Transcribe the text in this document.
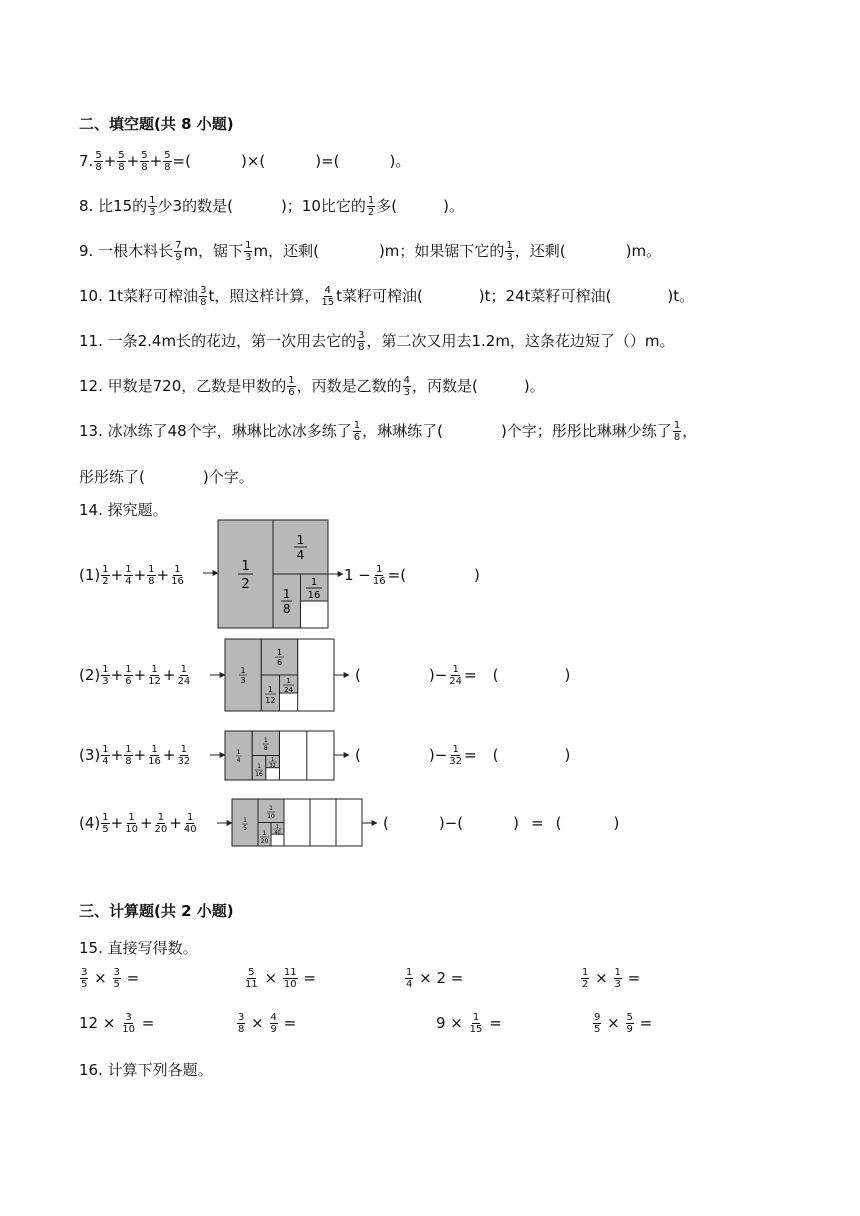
二、填空题(共 8 小题)
7. $\frac{5}{8} + \frac{5}{8} + \frac{5}{8} + \frac{5}{8}$ =(	)×(	)=(	)。
8. 比15的 $\frac{1}{3}$ 少3的数是(	)；10比它的 $\frac{1}{2}$ 多(	)。
9. 一根木料长 $\frac{7}{9}$ m，锯下 $\frac{1}{3}$ m，还剩(	)m；如果锯下它的 $\frac{1}{3}$ ，还剩(	)m。
10. 1t菜籽可榨油 $\frac{3}{8}$ t，照这样计算， $\frac{4}{15}$ t菜籽可榨油(	)t；24t菜籽可榨油(	)t。
11. 一条2.4m长的花边，第一次用去它的 $\frac{3}{8}$ ，第二次又用去1.2m，这条花边短了（）m。
12. 甲数是720，乙数是甲数的 $\frac{1}{6}$ ，丙数是乙数的 $\frac{4}{3}$ ，丙数是(	)。
13. 冰冰练了48个字，琳琳比冰冰多练了 $\frac{1}{6}$ ，琳琳练了(	)个字；彤彤比琳琳少练了 $\frac{1}{8}$ ，
彤彤练了(	)个字。
14. 探究题。
$(1) \frac{1}{2} + \frac{1}{4} + \frac{1}{8} + \frac{1}{16}$	$1 - \frac{1}{16}$ =(	)
$(2) \frac{1}{3} + \frac{1}{6} + \frac{1}{12} + \frac{1}{24}$	(	)− $\frac{1}{24}$ = (	)
$(3) \frac{1}{4} + \frac{1}{8} + \frac{1}{16} + \frac{1}{32}$	(	)− $\frac{1}{32}$ = (	)
$(4) \frac{1}{5} + \frac{1}{10} + \frac{1}{20} + \frac{1}{40}$	(	)−(	) = (	)
1
2
1
4
1
8
1
16
1
3
1
6
1
12
1
24
1
4
1
8
1
16
1
32
1
5
1
10
1
20
1
40
三、计算题(共 2 小题)
15. 直接写得数。
$\frac{3}{5} \times \frac{3}{5}$ =	$\frac{5}{11} \times \frac{11}{10}$ =	$\frac{1}{4} \times 2$ =	$\frac{1}{2} \times \frac{1}{3}$ =
$12 \times \frac{3}{10}$ =	$\frac{3}{8} \times \frac{4}{9}$ =	$9 \times \frac{1}{15}$ =	$\frac{9}{5} \times \frac{5}{9}$ =
16. 计算下列各题。
